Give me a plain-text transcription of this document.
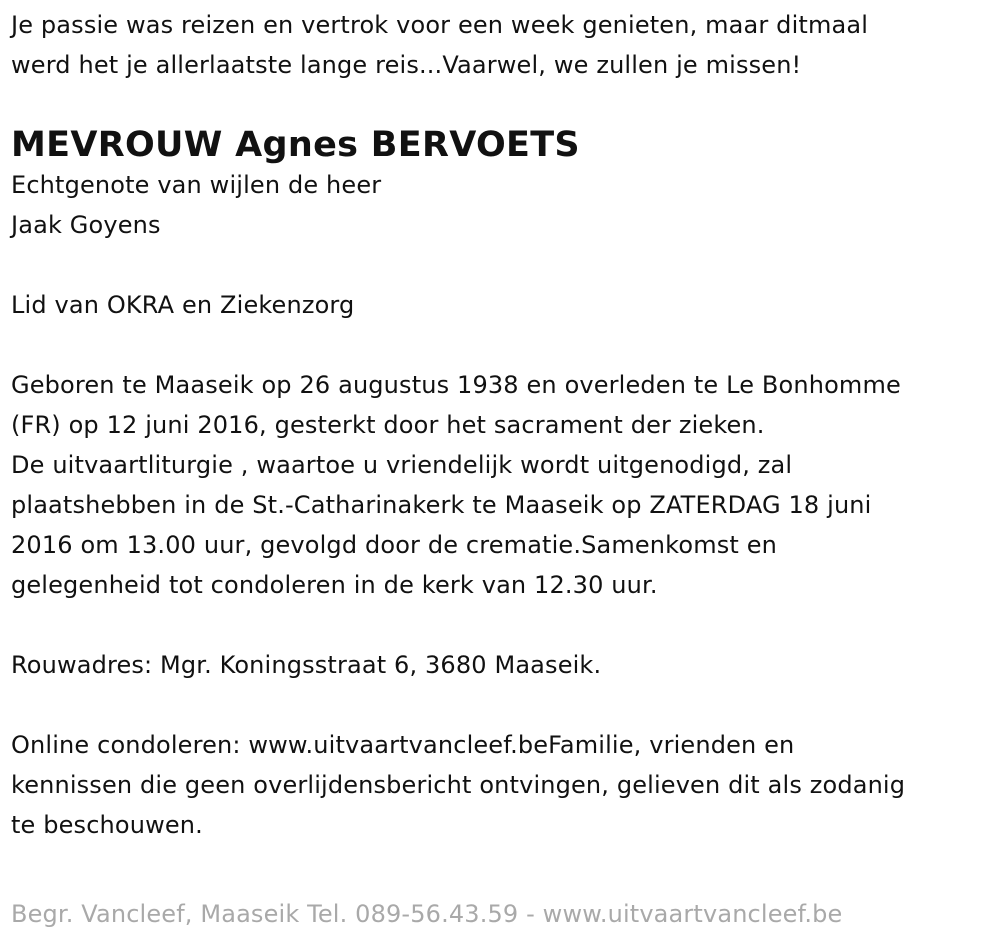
Je passie was reizen en vertrok voor een week genieten, maar ditmaal
werd het je allerlaatste lange reis...Vaarwel, we zullen je missen!
MEVROUW Agnes BERVOETS
Echtgenote van wijlen de heer
Jaak Goyens
Lid van OKRA en Ziekenzorg
Geboren te Maaseik op 26 augustus 1938 en overleden te Le Bonhomme
(FR) op 12 juni 2016, gesterkt door het sacrament der zieken.
De uitvaartliturgie , waartoe u vriendelijk wordt uitgenodigd, zal
plaatshebben in de St.-Catharinakerk te Maaseik op ZATERDAG 18 juni
2016 om 13.00 uur, gevolgd door de crematie.Samenkomst en
gelegenheid tot condoleren in de kerk van 12.30 uur.
Rouwadres: Mgr. Koningsstraat 6, 3680 Maaseik.
Online condoleren: www.uitvaartvancleef.beFamilie, vrienden en
kennissen die geen overlijdensbericht ontvingen, gelieven dit als zodanig
te beschouwen.
Begr. Vancleef, Maaseik Tel. 089-56.43.59 - www.uitvaartvancleef.be
